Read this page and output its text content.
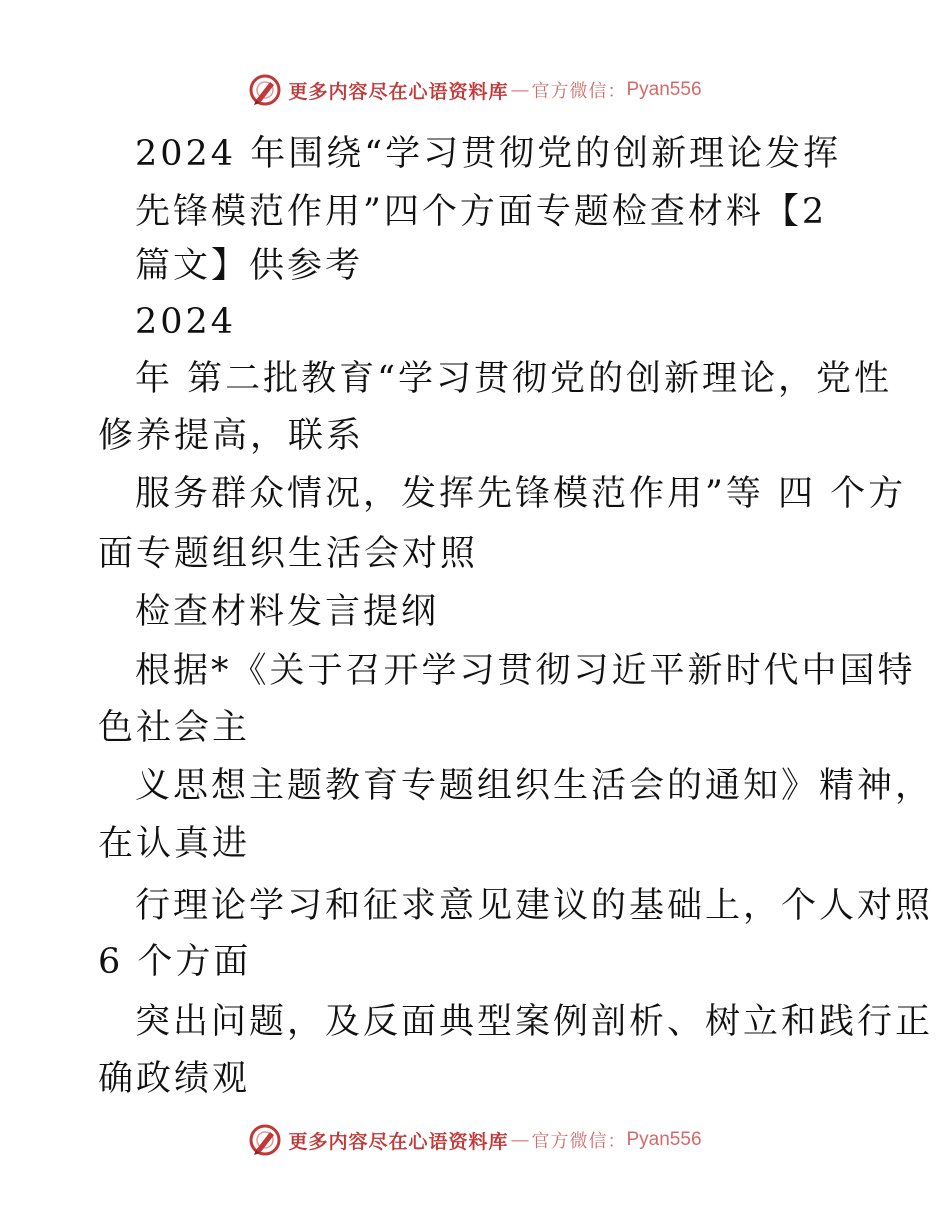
更多内容尽在心语资料库 — 官方微信： Pyan556
2024 年围绕“学习贯彻党的创新理论发挥
先锋模范作用”四个方面专题检查材料【2
篇文】供参考
2024
年 第二批教育“学习贯彻党的创新理论，党性
修养提高，联系
服务群众情况，发挥先锋模范作用”等 四 个方
面专题组织生活会对照
检查材料发言提纲
根据*《关于召开学习贯彻习近平新时代中国特
色社会主
义思想主题教育专题组织生活会的通知》精神，
在认真进
行理论学习和征求意见建议的基础上，个人对照
6 个方面
突出问题，及反面典型案例剖析、树立和践行正
确政绩观
更多内容尽在心语资料库 — 官方微信： Pyan556
